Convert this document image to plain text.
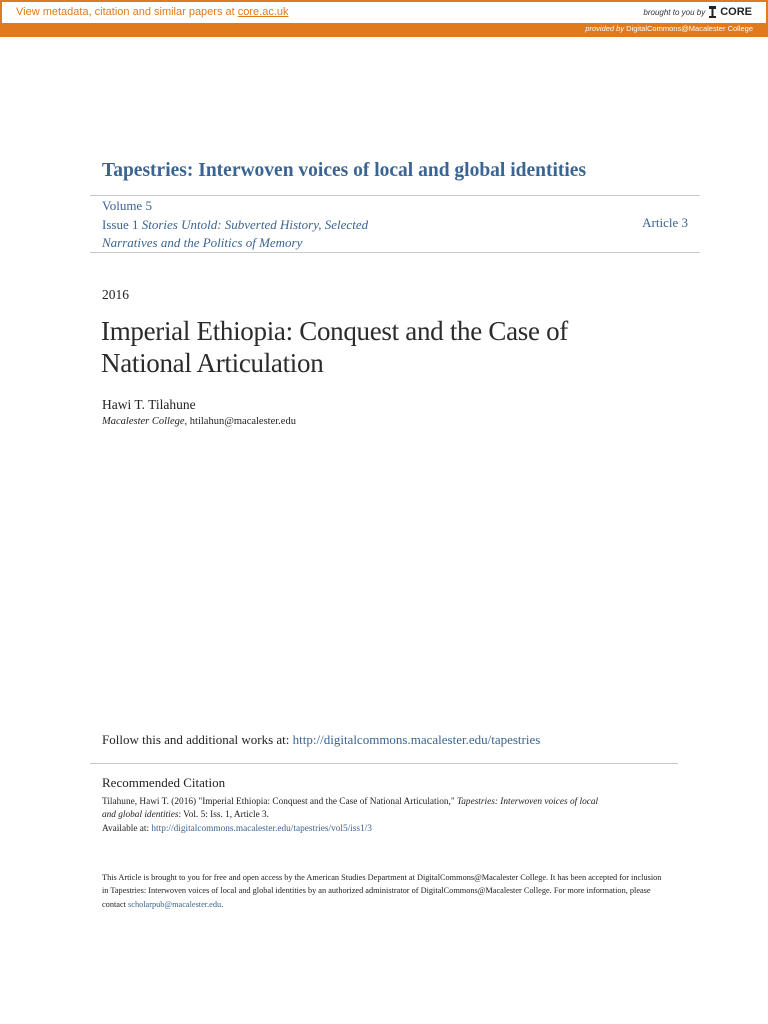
View metadata, citation and similar papers at core.ac.uk	brought to you by CORE
provided by DigitalCommons@Macalester College
Tapestries: Interwoven voices of local and global identities
Volume 5
Issue 1 Stories Untold: Subverted History, Selected
Narratives and the Politics of Memory
Article 3
2016
Imperial Ethiopia: Conquest and the Case of National Articulation
Hawi T. Tilahune
Macalester College, htilahun@macalester.edu
Follow this and additional works at: http://digitalcommons.macalester.edu/tapestries
Recommended Citation
Tilahune, Hawi T. (2016) "Imperial Ethiopia: Conquest and the Case of National Articulation," Tapestries: Interwoven voices of local
and global identities: Vol. 5: Iss. 1, Article 3.
Available at: http://digitalcommons.macalester.edu/tapestries/vol5/iss1/3
This Article is brought to you for free and open access by the American Studies Department at DigitalCommons@Macalester College. It has been accepted for inclusion in Tapestries: Interwoven voices of local and global identities by an authorized administrator of DigitalCommons@Macalester College. For more information, please contact scholarpub@macalester.edu.
